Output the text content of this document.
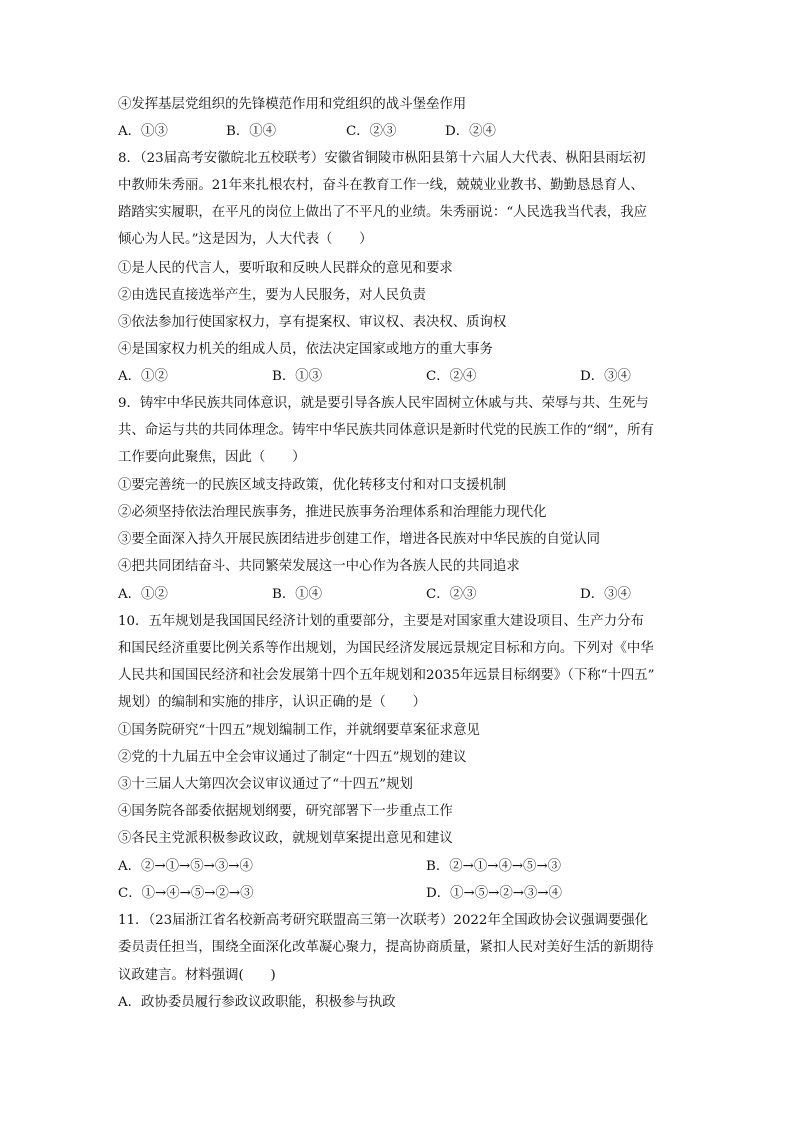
④发挥基层党组织的先锋模范作用和党组织的战斗堡垒作用
A．①③	B．①④	C．②③	D．②④
8．（23届高考安徽皖北五校联考）安徽省铜陵市枞阳县第十六届人大代表、枞阳县雨坛初
中教师朱秀丽。21年来扎根农村，奋斗在教育工作一线，兢兢业业教书、勤勤恳恳育人、
踏踏实实履职，在平凡的岗位上做出了不平凡的业绩。朱秀丽说：“人民选我当代表，我应
倾心为人民。”这是因为，人大代表（　　）
①是人民的代言人，要听取和反映人民群众的意见和要求
②由选民直接选举产生，要为人民服务，对人民负责
③依法参加行使国家权力，享有提案权、审议权、表决权、质询权
④是国家权力机关的组成人员，依法决定国家或地方的重大事务
A．①②	B．①③	C．②④	D．③④
9．铸牢中华民族共同体意识，就是要引导各族人民牢固树立休戚与共、荣辱与共、生死与
共、命运与共的共同体理念。铸牢中华民族共同体意识是新时代党的民族工作的“纲”，所有
工作要向此聚焦，因此（　　）
①要完善统一的民族区域支持政策，优化转移支付和对口支援机制
②必须坚持依法治理民族事务，推进民族事务治理体系和治理能力现代化
③要全面深入持久开展民族团结进步创建工作，增进各民族对中华民族的自觉认同
④把共同团结奋斗、共同繁荣发展这一中心作为各族人民的共同追求
A．①②	B．①④	C．②③	D．③④
10．五年规划是我国国民经济计划的重要部分，主要是对国家重大建设项目、生产力分布
和国民经济重要比例关系等作出规划，为国民经济发展远景规定目标和方向。下列对《中华
人民共和国国民经济和社会发展第十四个五年规划和2035年远景目标纲要》（下称“十四五”
规划）的编制和实施的排序，认识正确的是（　　）
①国务院研究“十四五”规划编制工作，并就纲要草案征求意见
②党的十九届五中全会审议通过了制定“十四五”规划的建议
③十三届人大第四次会议审议通过了“十四五”规划
④国务院各部委依据规划纲要，研究部署下一步重点工作
⑤各民主党派积极参政议政，就规划草案提出意见和建议
A．②→①→⑤→③→④	B．②→①→④→⑤→③
C．①→④→⑤→②→③	D．①→⑤→②→③→④
11．（23届浙江省名校新高考研究联盟高三第一次联考）2022年全国政协会议强调要强化
委员责任担当，围绕全面深化改革凝心聚力，提高协商质量，紧扣人民对美好生活的新期待
议政建言。材料强调(　　)
A．政协委员履行参政议政职能，积极参与执政
